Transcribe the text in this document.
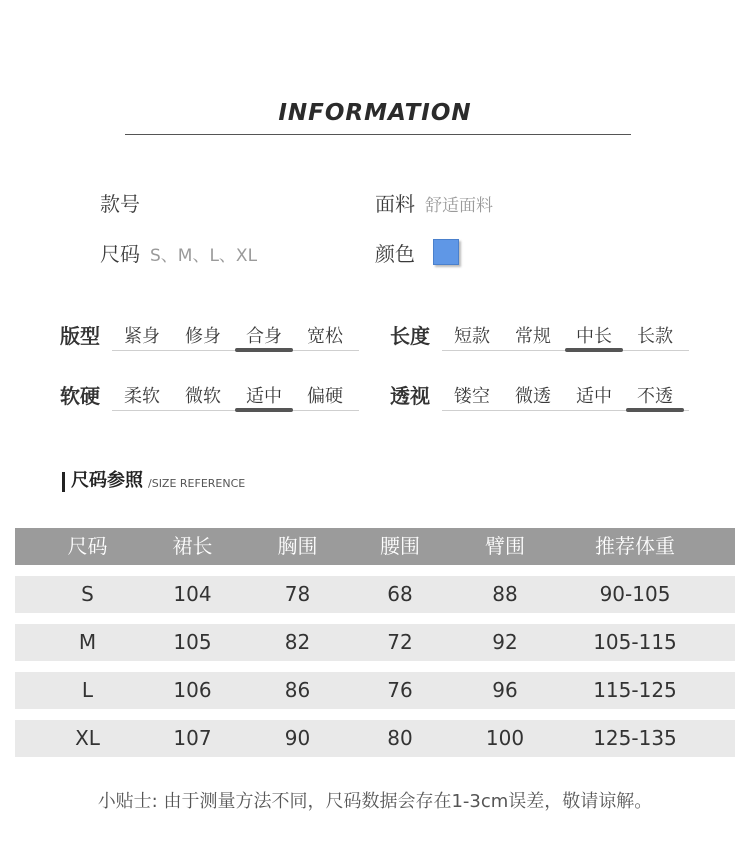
INFORMATION
款号	面料 舒适面料
尺码 S、M、L、XL	颜色
版型	紧身	修身	合身	宽松	长度	短款	常规	中长	长款
软硬	柔软	微软	适中	偏硬	透视	镂空	微透	适中	不透
尺码参照 /SIZE REFERENCE
尺码	裙长	胸围	腰围	臂围	推荐体重
S	104	78	68	88	90-105
M	105	82	72	92	105-115
L	106	86	76	96	115-125
XL	107	90	80	100	125-135
小贴士: 由于测量方法不同，尺码数据会存在1-3cm误差，敬请谅解。
